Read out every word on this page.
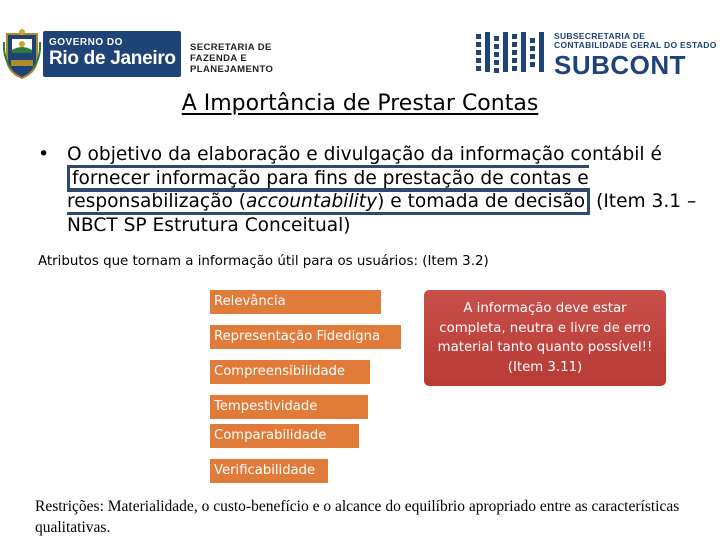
GOVERNO DO
Rio de Janeiro
SECRETARIA DE
FAZENDA E
PLANEJAMENTO
SUBSECRETARIA DE
CONTABILIDADE GERAL DO ESTADO
SUBCONT
A Importância de Prestar Contas
• O objetivo da elaboração e divulgação da informação contábil é fornecer informação para fins de prestação de contas e responsabilização (accountability) e tomada de decisão (Item 3.1 – NBCT SP Estrutura Conceitual)
Atributos que tornam a informação útil para os usuários: (Item 3.2)
Relevância
Representação Fidedigna
Compreensibilidade
Tempestividade
Comparabilidade
Verificabilidade
A informação deve estar completa, neutra e livre de erro material tanto quanto possível!! (Item 3.11)
Restrições: Materialidade, o custo-benefício e o alcance do equilíbrio apropriado entre as características qualitativas.
